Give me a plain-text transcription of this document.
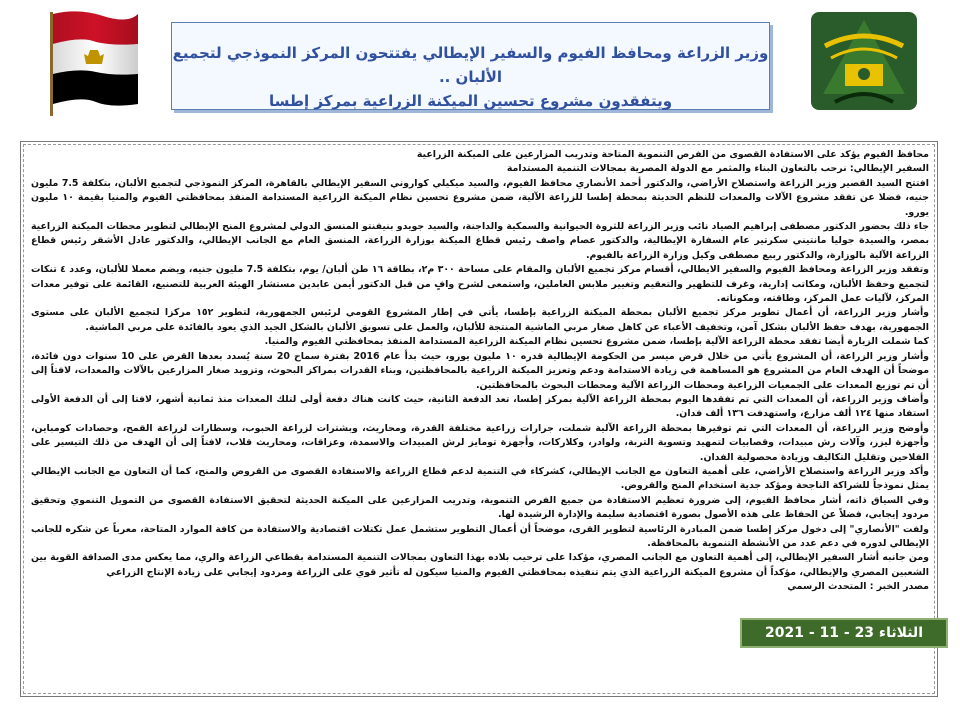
وزير الزراعة ومحافظ الفيوم والسفير الإيطالي يفتتحون المركز النموذجي لتجميع الألبان ..
ويتفقدون مشروع تحسين الميكنة الزراعية بمركز إطسا

محافظ الفيوم يؤكد على الاستفادة القصوى من الفرص التنموية المتاحة وتدريب المزارعين على الميكنة الزراعية

السفير الإيطالي: نرحب بالتعاون البناء والمثمر مع الدولة المصرية بمجالات التنمية المستدامة

افتتح السيد القصير وزير الزراعة واستصلاح الأراضي، والدكتور أحمد الأنصاري محافظ الفيوم، والسيد ميكيلي كواروني السفير الإيطالي بالقاهرة، المركز النموذجي لتجميع الألبان، بتكلفة 7.5 مليون جنيه، فضلا عن تفقد مشروع الآلات والمعدات للنظم الحديثة بمحطة إطسا للزراعة الآلية، ضمن مشروع تحسين نظام الميكنة الزراعية المستدامة المنفذ بمحافظتي الفيوم والمنيا بقيمة ١٠ مليون يورو.

جاء ذلك بحضور الدكتور مصطفى إبراهيم الصياد نائب وزير الزراعة للثروة الحيوانية والسمكية والداجنة، والسيد جويدو بنيفنتو المنسق الدولي لمشروع المنح الإيطالي لتطوير محطات الميكنة الزراعية بمصر، والسيدة جوليا مانتيني سكرتير عام السفارة الإيطالية، والدكتور عصام واصف رئيس قطاع الميكنة بوزارة الزراعة، المنسق العام مع الجانب الإيطالي، والدكتور عادل الأشقر رئيس قطاع الزراعة الآلية بالوزارة، والدكتور ربيع مصطفى وكيل وزارة الزراعة بالفيوم.

وتفقد وزير الزراعة ومحافظ الفيوم والسفير الايطالي، أقسام مركز تجميع الألبان والمقام على مساحة ٣٠٠ م٢، بطاقة ١٦ طن ألبان/ يوم، بتكلفة 7.5 مليون جنيه، ويضم معملا للألبان، وعدد ٤ تنكات لتجميع وحفظ الألبان، ومكاتب إدارية، وغرف للتطهير والتعقيم وتغيير ملابس العاملين، واستمعى لشرح وافٍ من قبل الدكتور أيمن عابدين مستشار الهيئة العربية للتصنيع، القائمة على توفير معدات المركز، لآليات عمل المركز، وطاقته، ومكوناته.

وأشار وزير الزراعة، أن أعمال تطوير مركز تجميع الألبان بمحطة الميكنة الزراعية بإطسا، يأتي في إطار المشروع القومي لرئيس الجمهورية، لتطوير ١٥٢ مركزا لتجميع الألبان على مستوى الجمهورية، بهدف حفظ الألبان بشكل آمن، وتخفيف الأعباء عن كاهل صغار مربي الماشية المنتجة للألبان، والعمل على تسويق الألبان بالشكل الجيد الذي يعود بالفائدة على مربي الماشية.

كما شملت الزيارة أيضا تفقد محطة الزراعة الآلية بإطسا، ضمن مشروع تحسين نظام الميكنة الزراعية المستدامة المنفذ بمحافظتي الفيوم والمنيا.

وأشار وزير الزراعة، أن المشروع يأتي من خلال قرض ميسر من الحكومة الإيطالية قدره ١٠ مليون يورو، حيث بدأ عام 2016 بفترة سماح 20 سنة يُسدد بعدها القرض على 10 سنوات دون فائدة، موضحاً أن الهدف العام من المشروع هو المساهمة في زيادة الاستدامة ودعم وتعزيز الميكنة الزراعية بالمحافظتين، وبناء القدرات بمراكز البحوث، وتزويد صغار المزارعين بالآلات والمعدات، لافتاً إلى أن تم توزيع المعدات على الجمعيات الزراعية ومحطات الزراعة الآلية ومحطات البحوث بالمحافظتين.

وأضاف وزير الزراعة، أن المعدات التي تم تفقدها اليوم بمحطة الزراعة الآلية بمركز إطسا، تعد الدفعة الثانية، حيث كانت هناك دفعة أولى لتلك المعدات منذ ثمانية أشهر، لافتا إلى أن الدفعة الأولى استفاد منها ١٢٤ ألف مزارع، واستهدفت ١٣٦ ألف فدان.

وأوضح وزير الزراعة، أن المعدات التي تم توفيرها بمحطة الزراعة الآلية شملت، جرارات زراعية مختلفة القدرة، ومحاريث، وبشترات لزراعة الحبوب، وسطارات لزراعة القمح، وحصادات كومباين، وأجهزة ليزر، وآلات رش مبيدات، وقصابيات لتمهيد وتسوية التربة، ولوادر، وكلاركات، وأجهزة تومايز لرش المبيدات والاسمدة، وعزاقات، ومحاريث قلاب، لافتاً إلى أن الهدف من ذلك التيسير على الفلاحين وتقليل التكاليف وزيادة محصولية الفدان.

وأكد وزير الزراعة واستصلاح الأراضي، على أهمية التعاون مع الجانب الإيطالي، كشركاء في التنمية لدعم قطاع الزراعة والاستفادة القصوى من القروض والمنح، كما أن التعاون مع الجانب الإيطالي يمثل نموذجاً للشراكة الناجحة ومؤكد جدية استخدام المنح والقروض.

وفي السياق ذاته، أشار محافظ الفيوم، إلى ضرورة تعظيم الاستفادة من جميع الفرص التنموية، وتدريب المزارعين على الميكنة الحديثة لتحقيق الاستفادة القصوى من التمويل التنموي وتحقيق مردود إيجابي، فضلاً عن الحفاظ على هذه الأصول بصورة اقتصادية سليمة والإدارة الرشيدة لها.

ولفت "الأنصاري" إلى دخول مركز إطسا ضمن المبادرة الرئاسية لتطوير القرى، موضحاً أن أعمال التطوير ستشمل عمل تكتلات اقتصادية والاستفادة من كافة الموارد المتاحة، معرباً عن شكره للجانب الإيطالي لدوره في دعم عدد من الأنشطة التنموية بالمحافظة.

ومن جانبه أشار السفير الإيطالي، إلى أهمية التعاون مع الجانب المصري، مؤكدا على ترحيب بلاده بهذا التعاون بمجالات التنمية المستدامة بقطاعي الزراعة والري، مما يعكس مدى الصداقة القوية بين الشعبين المصري والإيطالي، مؤكداً أن مشروع الميكنة الزراعية الذي يتم تنفيذه بمحافظتي الفيوم والمنيا سيكون له تأثير قوي على الزراعة ومردود إيجابي على زيادة الإنتاج الزراعي

مصدر الخبر : المتحدث الرسمي

الثلاثاء 23 - 11 - 2021
